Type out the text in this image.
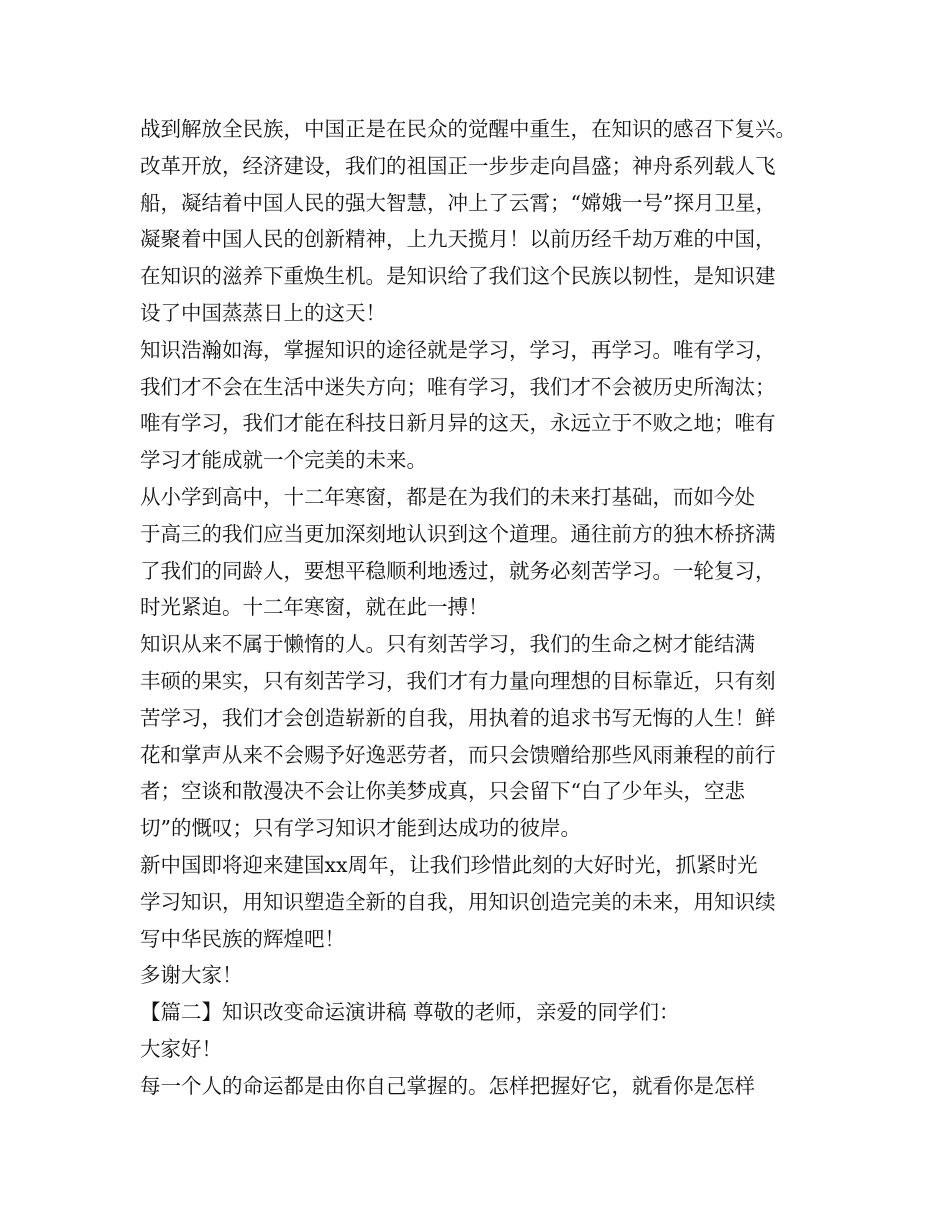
战到解放全民族，中国正是在民众的觉醒中重生，在知识的感召下复兴。
改革开放，经济建设，我们的祖国正一步步走向昌盛；神舟系列载人飞
船，凝结着中国人民的强大智慧，冲上了云霄；“嫦娥一号”探月卫星，
凝聚着中国人民的创新精神，上九天揽月！以前历经千劫万难的中国，
在知识的滋养下重焕生机。是知识给了我们这个民族以韧性，是知识建
设了中国蒸蒸日上的这天！
知识浩瀚如海，掌握知识的途径就是学习，学习，再学习。唯有学习，
我们才不会在生活中迷失方向；唯有学习，我们才不会被历史所淘汰；
唯有学习，我们才能在科技日新月异的这天，永远立于不败之地；唯有
学习才能成就一个完美的未来。
从小学到高中，十二年寒窗，都是在为我们的未来打基础，而如今处
于高三的我们应当更加深刻地认识到这个道理。通往前方的独木桥挤满
了我们的同龄人，要想平稳顺利地透过，就务必刻苦学习。一轮复习，
时光紧迫。十二年寒窗，就在此一搏！
知识从来不属于懒惰的人。只有刻苦学习，我们的生命之树才能结满
丰硕的果实，只有刻苦学习，我们才有力量向理想的目标靠近，只有刻
苦学习，我们才会创造崭新的自我，用执着的追求书写无悔的人生！鲜
花和掌声从来不会赐予好逸恶劳者，而只会馈赠给那些风雨兼程的前行
者；空谈和散漫决不会让你美梦成真，只会留下“白了少年头，空悲
切”的慨叹；只有学习知识才能到达成功的彼岸。
新中国即将迎来建国xx周年，让我们珍惜此刻的大好时光，抓紧时光
学习知识，用知识塑造全新的自我，用知识创造完美的未来，用知识续
写中华民族的辉煌吧！
多谢大家！
【篇二】知识改变命运演讲稿 尊敬的老师，亲爱的同学们：
大家好！
每一个人的命运都是由你自己掌握的。怎样把握好它，就看你是怎样
